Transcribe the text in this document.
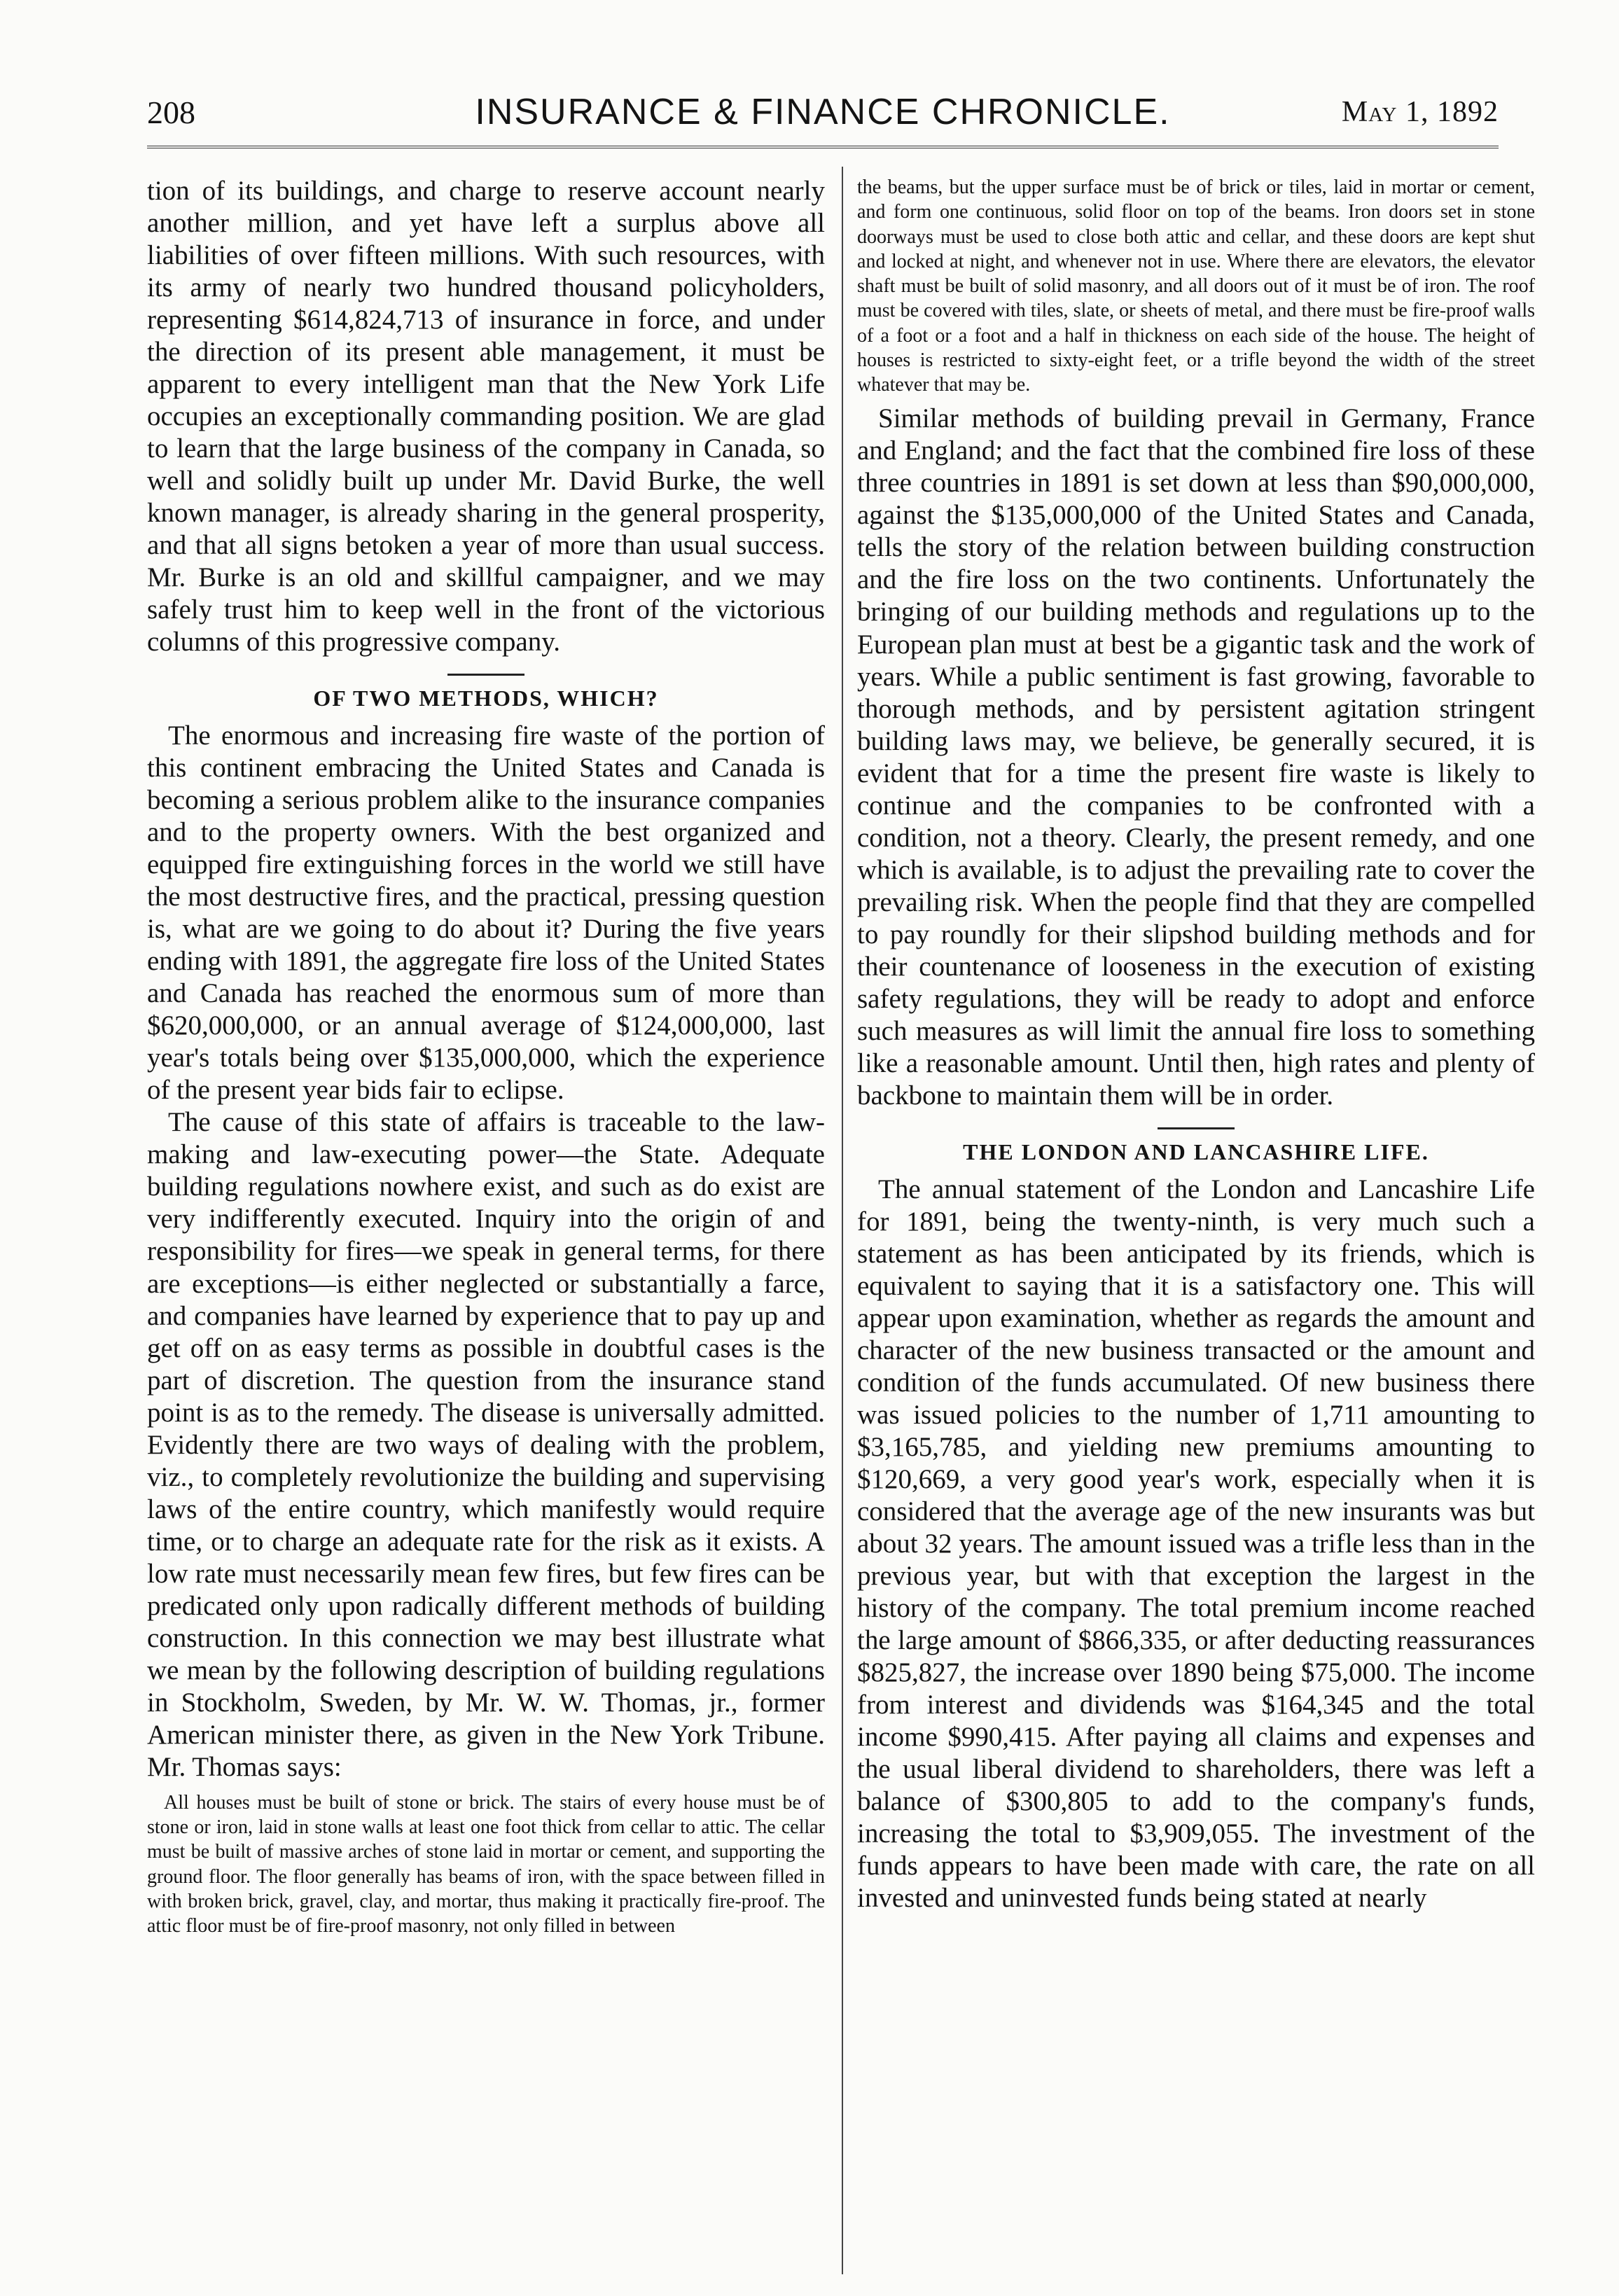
208	INSURANCE & FINANCE CHRONICLE.	May 1, 1892

tion of its buildings, and charge to reserve account nearly another million, and yet have left a surplus above all liabilities of over fifteen millions. With such resources, with its army of nearly two hundred thousand policyholders, representing $614,824,713 of insurance in force, and under the direction of its present able management, it must be apparent to every intelligent man that the New York Life occupies an exceptionally commanding position. We are glad to learn that the large business of the company in Canada, so well and solidly built up under Mr. David Burke, the well known manager, is already sharing in the general prosperity, and that all signs betoken a year of more than usual success. Mr. Burke is an old and skillful campaigner, and we may safely trust him to keep well in the front of the victorious columns of this progressive company.

OF TWO METHODS, WHICH?

The enormous and increasing fire waste of the portion of this continent embracing the United States and Canada is becoming a serious problem alike to the insurance companies and to the property owners. With the best organized and equipped fire extinguishing forces in the world we still have the most destructive fires, and the practical, pressing question is, what are we going to do about it? During the five years ending with 1891, the aggregate fire loss of the United States and Canada has reached the enormous sum of more than $620,000,000, or an annual average of $124,000,000, last year's totals being over $135,000,000, which the experience of the present year bids fair to eclipse.

The cause of this state of affairs is traceable to the law-making and law-executing power—the State. Adequate building regulations nowhere exist, and such as do exist are very indifferently executed. Inquiry into the origin of and responsibility for fires—we speak in general terms, for there are exceptions—is either neglected or substantially a farce, and companies have learned by experience that to pay up and get off on as easy terms as possible in doubtful cases is the part of discretion. The question from the insurance stand point is as to the remedy. The disease is universally admitted. Evidently there are two ways of dealing with the problem, viz., to completely revolutionize the building and supervising laws of the entire country, which manifestly would require time, or to charge an adequate rate for the risk as it exists. A low rate must necessarily mean few fires, but few fires can be predicated only upon radically different methods of building construction. In this connection we may best illustrate what we mean by the following description of building regulations in Stockholm, Sweden, by Mr. W. W. Thomas, jr., former American minister there, as given in the New York Tribune. Mr. Thomas says:

All houses must be built of stone or brick. The stairs of every house must be of stone or iron, laid in stone walls at least one foot thick from cellar to attic. The cellar must be built of massive arches of stone laid in mortar or cement, and supporting the ground floor. The floor generally has beams of iron, with the space between filled in with broken brick, gravel, clay, and mortar, thus making it practically fire-proof. The attic floor must be of fire-proof masonry, not only filled in between

the beams, but the upper surface must be of brick or tiles, laid in mortar or cement, and form one continuous, solid floor on top of the beams. Iron doors set in stone doorways must be used to close both attic and cellar, and these doors are kept shut and locked at night, and whenever not in use. Where there are elevators, the elevator shaft must be built of solid masonry, and all doors out of it must be of iron. The roof must be covered with tiles, slate, or sheets of metal, and there must be fire-proof walls of a foot or a foot and a half in thickness on each side of the house. The height of houses is restricted to sixty-eight feet, or a trifle beyond the width of the street whatever that may be.

Similar methods of building prevail in Germany, France and England; and the fact that the combined fire loss of these three countries in 1891 is set down at less than $90,000,000, against the $135,000,000 of the United States and Canada, tells the story of the relation between building construction and the fire loss on the two continents. Unfortunately the bringing of our building methods and regulations up to the European plan must at best be a gigantic task and the work of years. While a public sentiment is fast growing, favorable to thorough methods, and by persistent agitation stringent building laws may, we believe, be generally secured, it is evident that for a time the present fire waste is likely to continue and the companies to be confronted with a condition, not a theory. Clearly, the present remedy, and one which is available, is to adjust the prevailing rate to cover the prevailing risk. When the people find that they are compelled to pay roundly for their slipshod building methods and for their countenance of looseness in the execution of existing safety regulations, they will be ready to adopt and enforce such measures as will limit the annual fire loss to something like a reasonable amount. Until then, high rates and plenty of backbone to maintain them will be in order.

THE LONDON AND LANCASHIRE LIFE.

The annual statement of the London and Lancashire Life for 1891, being the twenty-ninth, is very much such a statement as has been anticipated by its friends, which is equivalent to saying that it is a satisfactory one. This will appear upon examination, whether as regards the amount and character of the new business transacted or the amount and condition of the funds accumulated. Of new business there was issued policies to the number of 1,711 amounting to $3,165,785, and yielding new premiums amounting to $120,669, a very good year's work, especially when it is considered that the average age of the new insurants was but about 32 years. The amount issued was a trifle less than in the previous year, but with that exception the largest in the history of the company. The total premium income reached the large amount of $866,335, or after deducting reassurances $825,827, the increase over 1890 being $75,000. The income from interest and dividends was $164,345 and the total income $990,415. After paying all claims and expenses and the usual liberal dividend to shareholders, there was left a balance of $300,805 to add to the company's funds, increasing the total to $3,909,055. The investment of the funds appears to have been made with care, the rate on all invested and uninvested funds being stated at nearly
